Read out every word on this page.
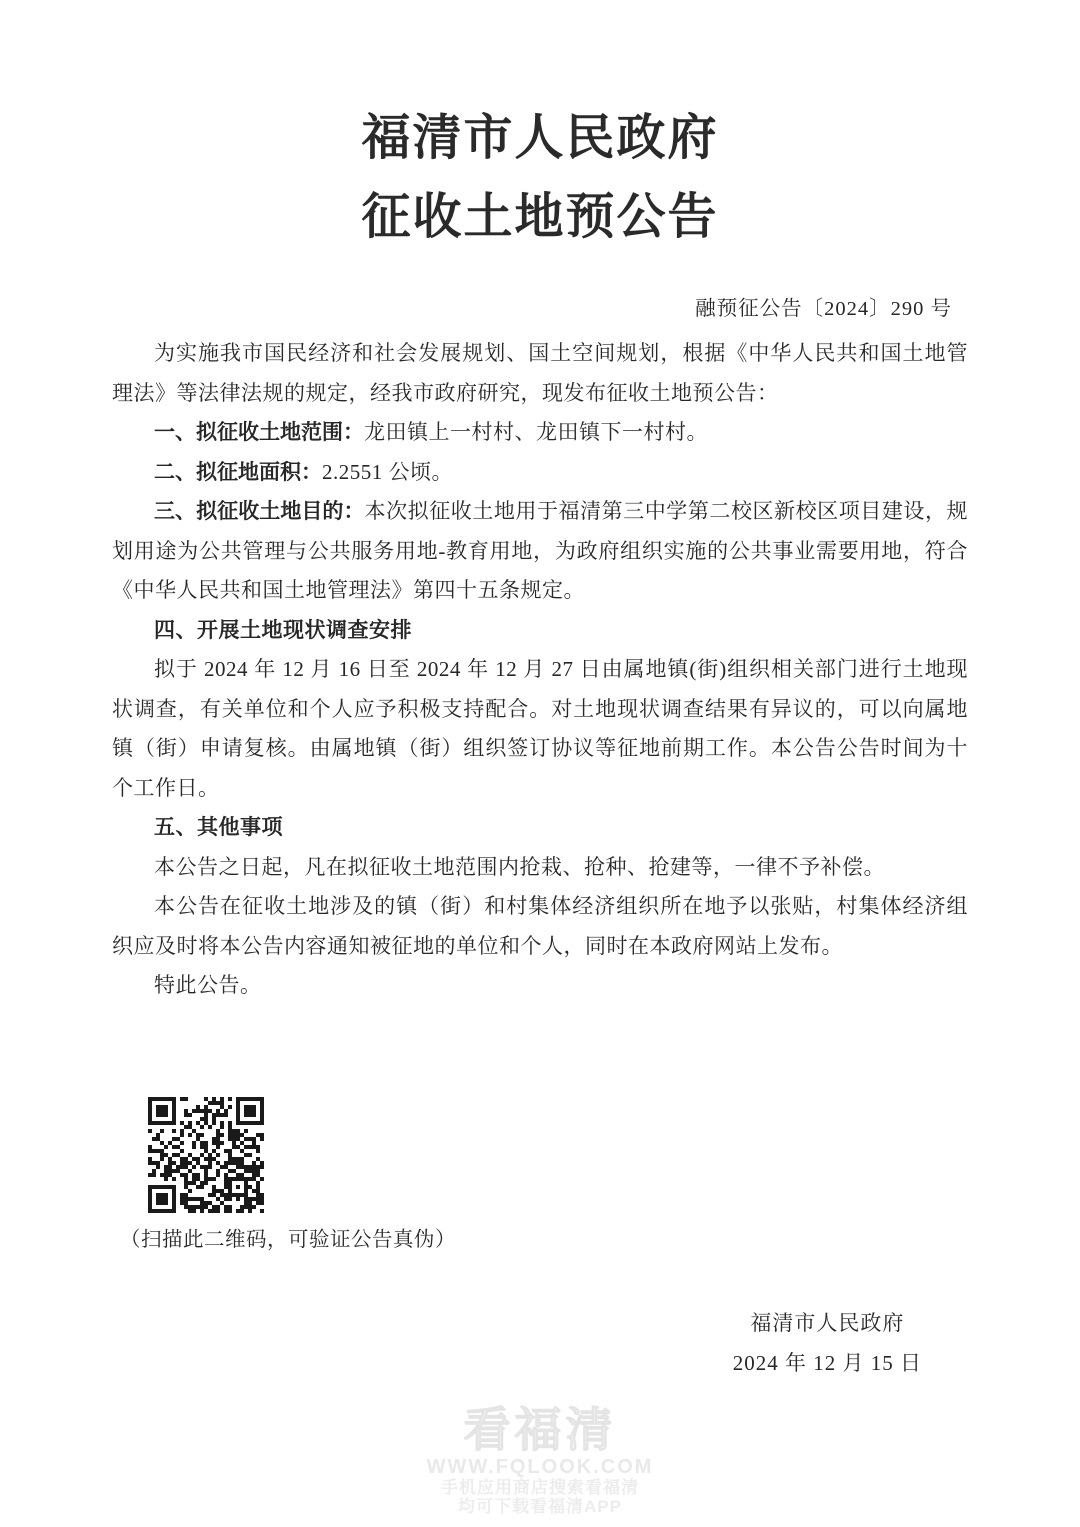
福清市人民政府
征收土地预公告
融预征公告〔2024〕290 号

为实施我市国民经济和社会发展规划、国土空间规划，根据《中华人民共和国土地管理法》等法律法规的规定，经我市政府研究，现发布征收土地预公告：

一、拟征收土地范围：龙田镇上一村村、龙田镇下一村村。

二、拟征地面积：2.2551 公顷。

三、拟征收土地目的：本次拟征收土地用于福清第三中学第二校区新校区项目建设，规划用途为公共管理与公共服务用地-教育用地，为政府组织实施的公共事业需要用地，符合《中华人民共和国土地管理法》第四十五条规定。

四、开展土地现状调查安排

拟于 2024 年 12 月 16 日至 2024 年 12 月 27 日由属地镇(街)组织相关部门进行土地现状调查，有关单位和个人应予积极支持配合。对土地现状调查结果有异议的，可以向属地镇（街）申请复核。由属地镇（街）组织签订协议等征地前期工作。本公告公告时间为十个工作日。

五、其他事项

本公告之日起，凡在拟征收土地范围内抢栽、抢种、抢建等，一律不予补偿。

本公告在征收土地涉及的镇（街）和村集体经济组织所在地予以张贴，村集体经济组织应及时将本公告内容通知被征地的单位和个人，同时在本政府网站上发布。

特此公告。

（扫描此二维码，可验证公告真伪）
福清市人民政府
2024 年 12 月 15 日
看福清
WWW.FQLOOK.COM
手机应用商店搜索看福清
均可下载看福清APP
